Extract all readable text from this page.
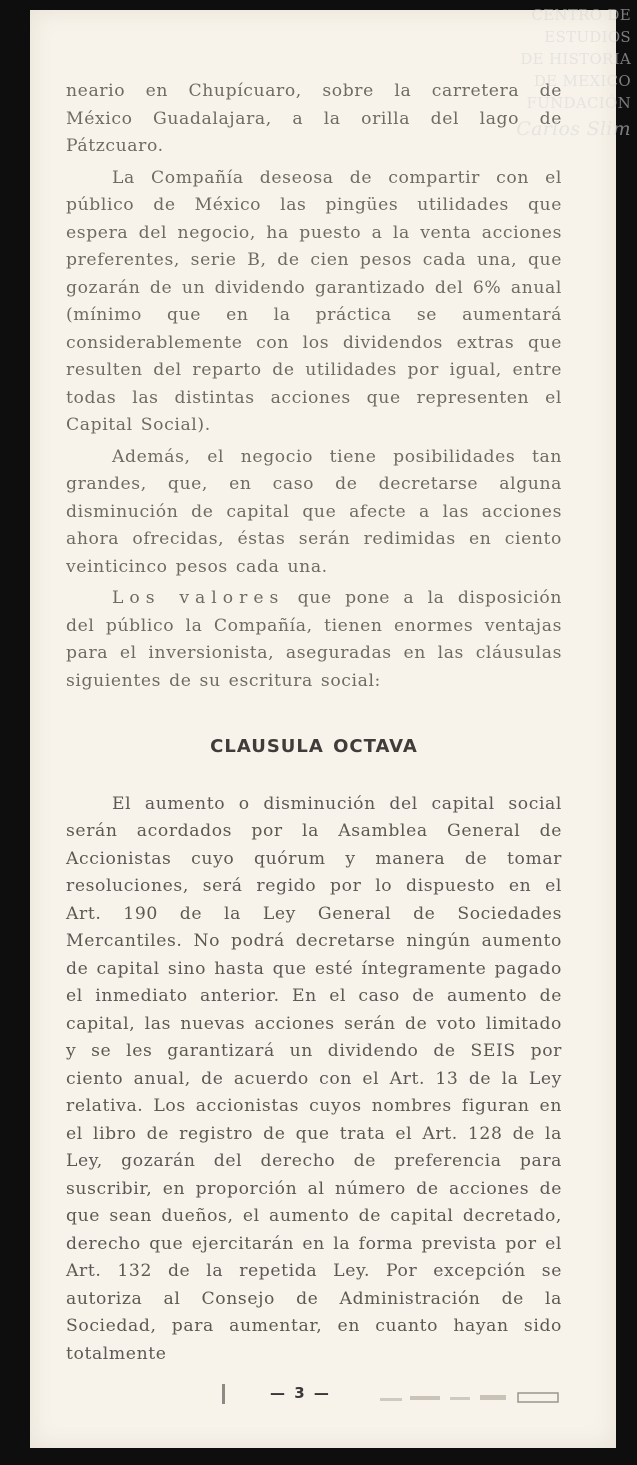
neario en Chupícuaro, sobre la carretera de México Guadalajara, a la orilla del lago de Pátzcuaro.

La Compañía deseosa de compartir con el público de México las pingües utilidades que espera del negocio, ha puesto a la venta acciones preferentes, serie B, de cien pesos cada una, que gozarán de un dividendo garantizado del 6% anual (mínimo que en la práctica se aumentará considerablemente con los dividendos extras que resulten del reparto de utilidades por igual, entre todas las distintas acciones que representen el Capital Social).

Además, el negocio tiene posibilidades tan grandes, que, en caso de decretarse alguna disminución de capital que afecte a las acciones ahora ofrecidas, éstas serán redimidas en ciento veinticinco pesos cada una.

Los valores que pone a la disposición del público la Compañía, tienen enormes ventajas para el inversionista, aseguradas en las cláusulas siguientes de su escritura social:

CLAUSULA OCTAVA

El aumento o disminución del capital social serán acordados por la Asamblea General de Accionistas cuyo quórum y manera de tomar resoluciones, será regido por lo dispuesto en el Art. 190 de la Ley General de Sociedades Mercantiles. No podrá decretarse ningún aumento de capital sino hasta que esté íntegramente pagado el inmediato anterior. En el caso de aumento de capital, las nuevas acciones serán de voto limitado y se les garantizará un dividendo de SEIS por ciento anual, de acuerdo con el Art. 13 de la Ley relativa. Los accionistas cuyos nombres figuran en el libro de registro de que trata el Art. 128 de la Ley, gozarán del derecho de preferencia para suscribir, en proporción al número de acciones de que sean dueños, el aumento de capital decretado, derecho que ejercitarán en la forma prevista por el Art. 132 de la repetida Ley. Por excepción se autoriza al Consejo de Administración de la Sociedad, para aumentar, en cuanto hayan sido totalmente

— 3 —
CENTRO DE
ESTUDIOS
DE HISTORIA
DE MEXICO
FUNDACIÓN
Carlos Slim
